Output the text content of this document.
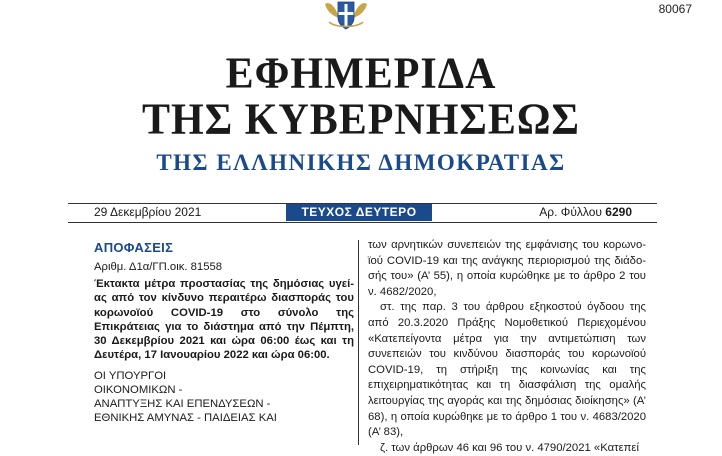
80067
ΕΦΗΜΕΡΙΔΑ
ΤΗΣ ΚΥΒΕΡΝΗΣΕΩΣ
ΤΗΣ ΕΛΛΗΝΙΚΗΣ ΔΗΜΟΚΡΑΤΙΑΣ
29 Δεκεμβρίου 2021	ΤΕΥΧΟΣ ΔΕΥΤΕΡΟ	Αρ. Φύλλου 6290
ΑΠΟΦΑΣΕΙΣ
Αριθμ. Δ1α/ΓΠ.οικ. 81558
Έκτακτα μέτρα προστασίας της δημόσιας υγείας από τον κίνδυνο περαιτέρω διασποράς του κορωνοϊού COVID-19 στο σύνολο της Επικράτειας για το διάστημα από την Πέμπτη, 30 Δεκεμβρίου 2021 και ώρα 06:00 έως και τη Δευτέρα, 17 Ιανουαρίου 2022 και ώρα 06:00.
ΟΙ ΥΠΟΥΡΓΟΙ
ΟΙΚΟΝΟΜΙΚΩΝ -
ΑΝΑΠΤΥΞΗΣ ΚΑΙ ΕΠΕΝΔΥΣΕΩΝ -
ΕΘΝΙΚΗΣ ΑΜΥΝΑΣ - ΠΑΙΔΕΙΑΣ ΚΑΙ

των αρνητικών συνεπειών της εμφάνισης του κορωνοϊού COVID-19 και της ανάγκης περιορισμού της διάδοσής του» (Α’ 55), η οποία κυρώθηκε με το άρθρο 2 του ν. 4682/2020,

στ. της παρ. 3 του άρθρου εξηκοστού όγδοου της από 20.3.2020 Πράξης Νομοθετικού Περιεχομένου «Κατεπείγοντα μέτρα για την αντιμετώπιση των συνεπειών του κινδύνου διασποράς του κορωνοϊού COVID-19, τη στήριξη της κοινωνίας και της επιχειρηματικότητας και τη διασφάλιση της ομαλής λειτουργίας της αγοράς και της δημόσιας διοίκησης» (Α’ 68), η οποία κυρώθηκε με το άρθρο 1 του ν. 4683/2020 (Α’ 83),

ζ. των άρθρων 46 και 96 του ν. 4790/2021 «Κατεπεί
